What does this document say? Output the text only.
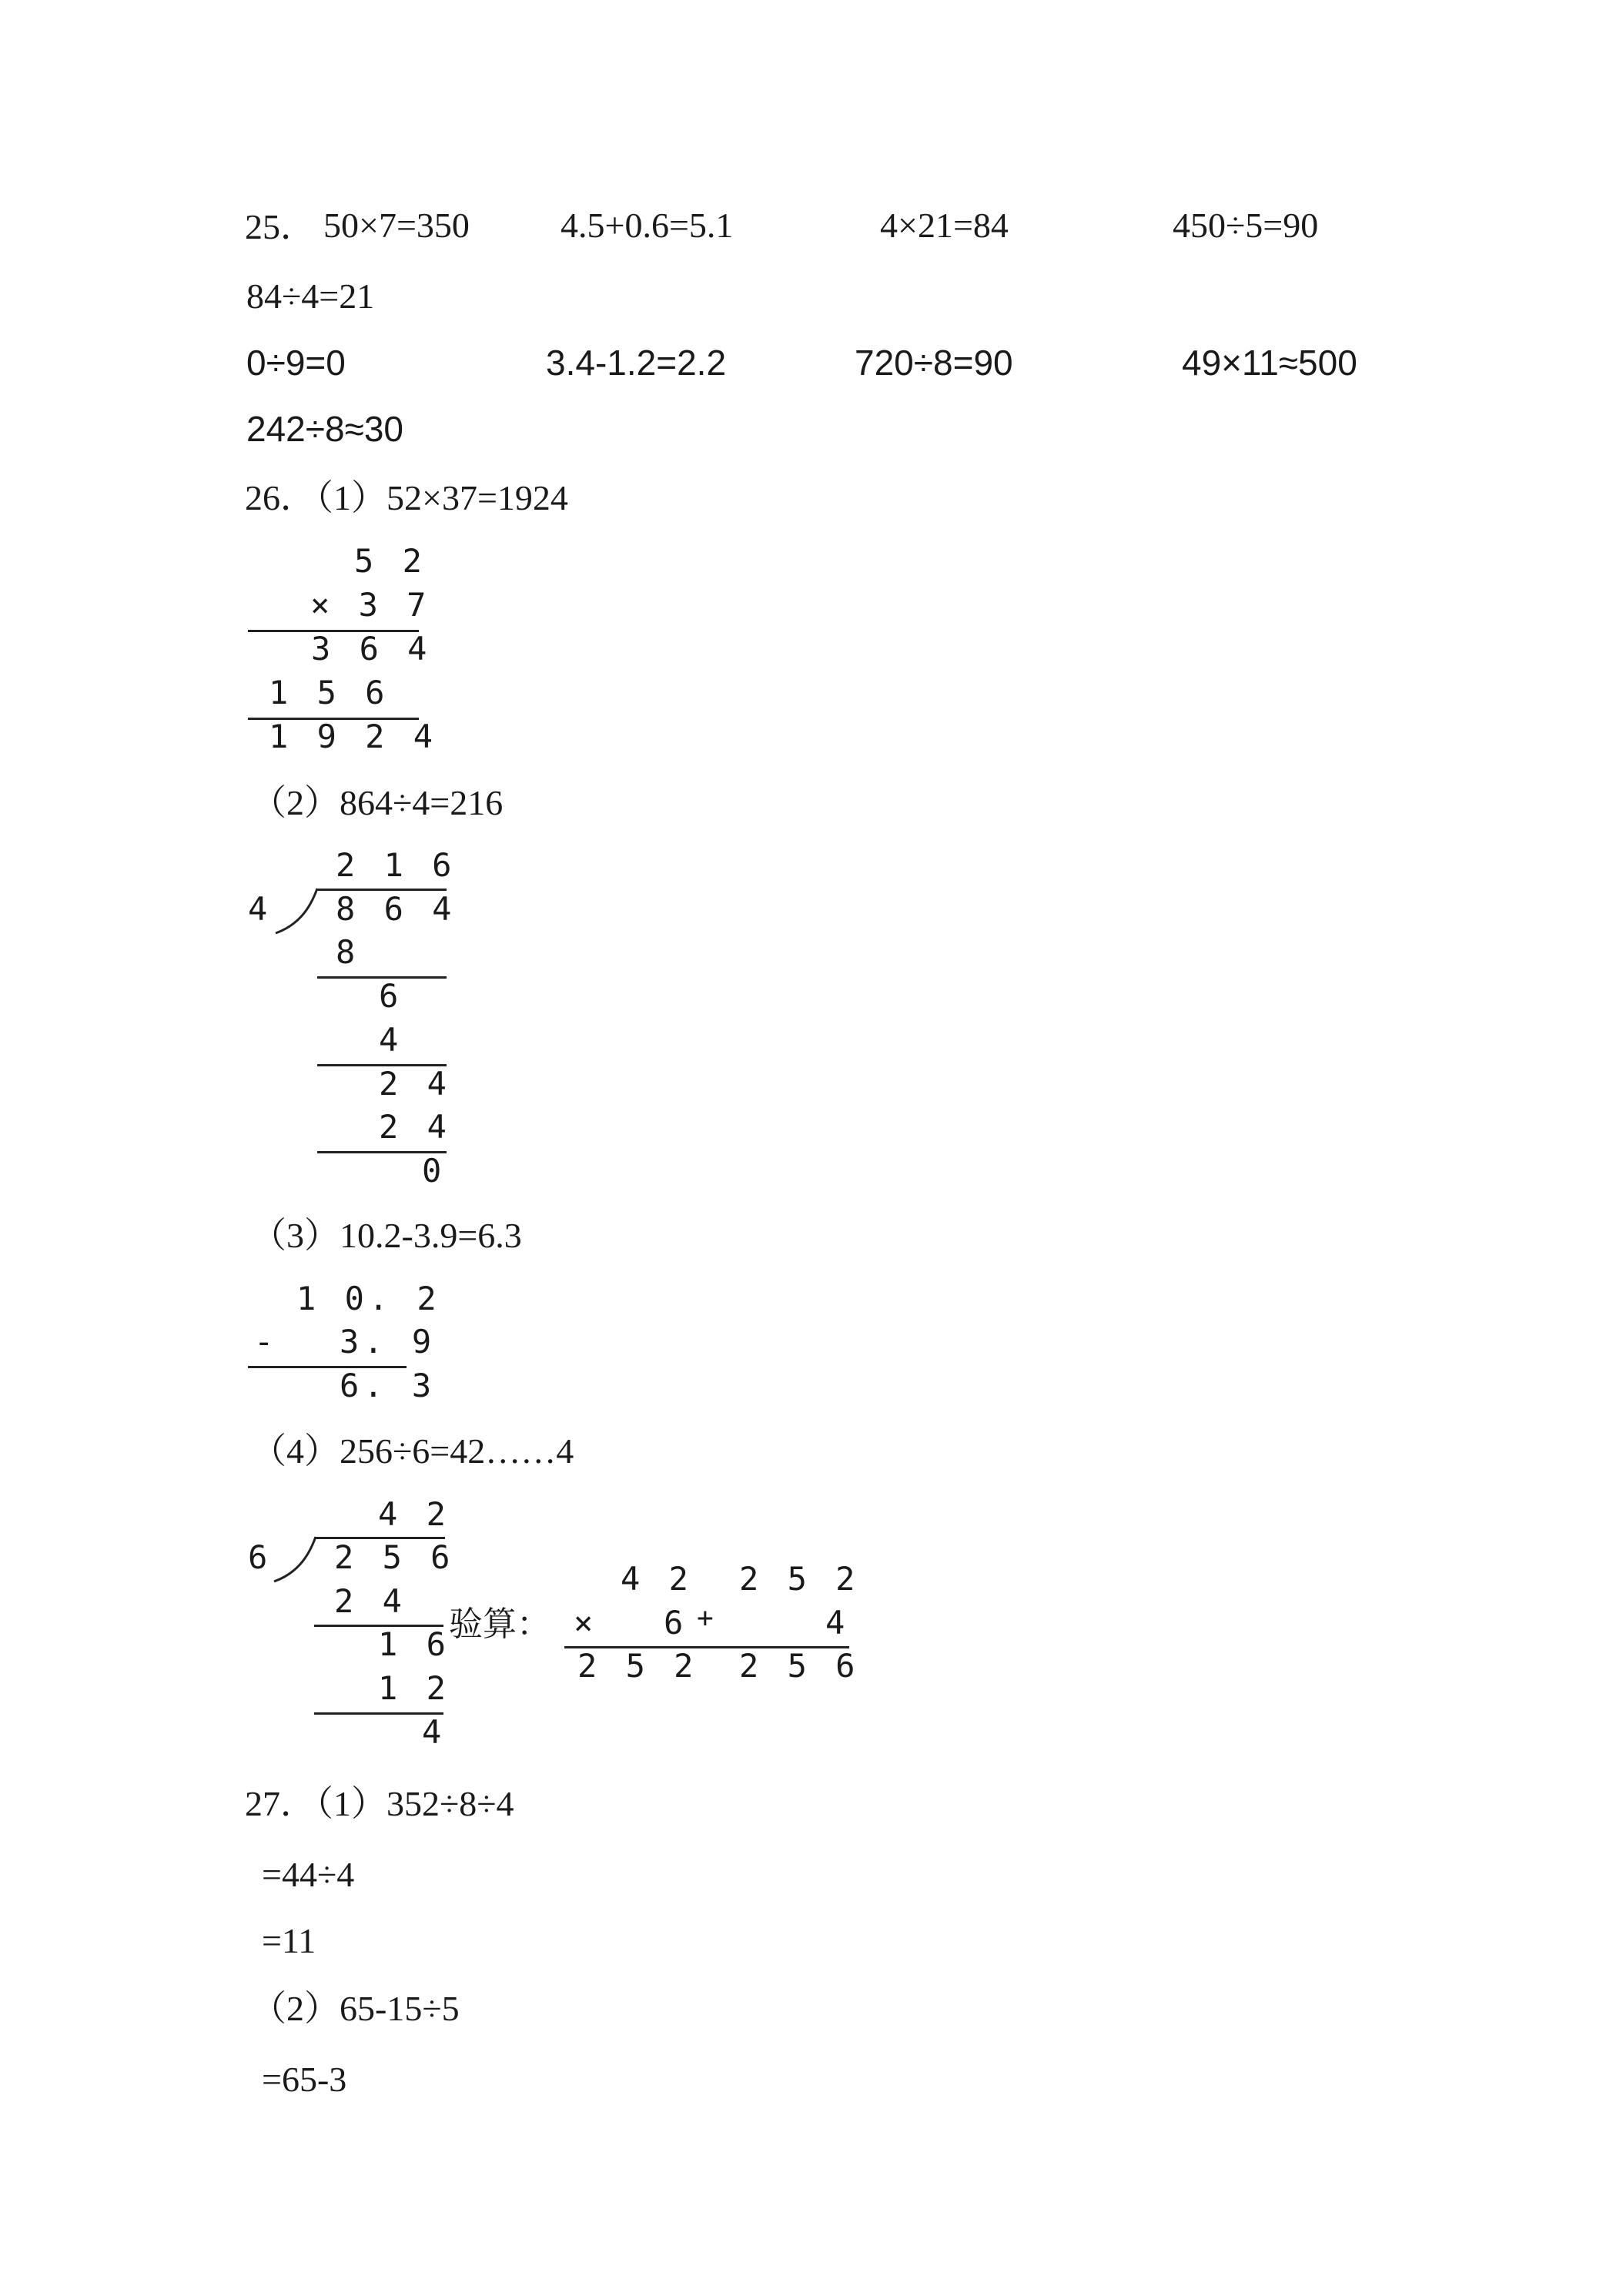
25． 50×7=350	4.5+0.6=5.1	4×21=84	450÷5=90
84÷4=21
0÷9=0	3.4-1.2=2.2	720÷8=90	49×11≈500
242÷8≈30
26．（1）52×37=1924
5 2
× 3 7
3 6 4
1 5 6
1 9 2 4
（2）864÷4=216
2 1 6
4 8 6 4
8
6
4
2 4
2 4
0
（3）10.2-3.9=6.3
1 0. 2
- 3. 9
6. 3
（4）256÷6=42……4
4 2
6 2 5 6
2 4
1 6
1 2
4
验算：
4 2
× 6
2 5 2
+
2 5 2
4
2 5 6
27．（1）352÷8÷4
=44÷4
=11
（2）65-15÷5
=65-3
